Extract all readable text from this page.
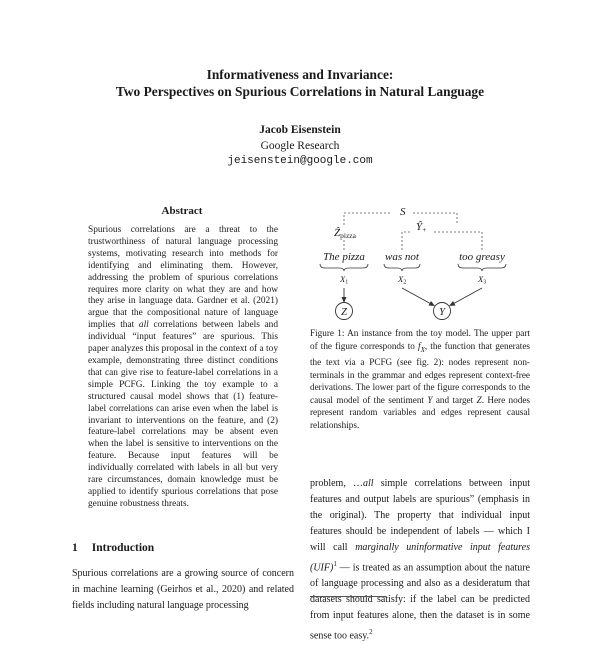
Informativeness and Invariance:
Two Perspectives on Spurious Correlations in Natural Language
Jacob Eisenstein
Google Research
jeisenstein@google.com
Abstract

Spurious correlations are a threat to the trustworthiness of natural language processing systems, motivating research into methods for identifying and eliminating them. However, addressing the problem of spurious correlations requires more clarity on what they are and how they arise in language data. Gardner et al. (2021) argue that the compositional nature of language implies that all correlations between labels and individual “input features” are spurious. This paper analyzes this proposal in the context of a toy example, demonstrating three distinct conditions that can give rise to feature-label correlations in a simple PCFG. Linking the toy example to a structured causal model shows that (1) feature-label correlations can arise even when the label is invariant to interventions on the feature, and (2) feature-label correlations may be absent even when the label is sensitive to interventions on the feature. Because input features will be individually correlated with labels in all but very rare circumstances, domain knowledge must be applied to identify spurious correlations that pose genuine robustness threats.

1 Introduction

Spurious correlations are a growing source of concern in machine learning (Geirhos et al., 2020) and related fields including natural language processing

S
Ẑpizza
Ŷ+
The pizza was not	too greasy
X1	X2	X3
Z	Y

Figure 1: An instance from the toy model. The upper part of the figure corresponds to $f_X$, the function that generates the text via a PCFG (see fig. 2): nodes represent non-terminals in the grammar and edges represent context-free derivations. The lower part of the figure corresponds to the causal model of the sentiment Y and target Z. Here nodes represent random variables and edges represent causal relationships.

problem, …all simple correlations between input features and output labels are spurious” (emphasis in the original). The property that individual input features should be independent of labels — which I will call marginally uninformative input features (UIF)$^1$ — is treated as an assumption about the nature of language processing and also as a desideratum that datasets should satisfy: if the label can be predicted from input features alone, then the dataset is in some sense too easy.$^2$
